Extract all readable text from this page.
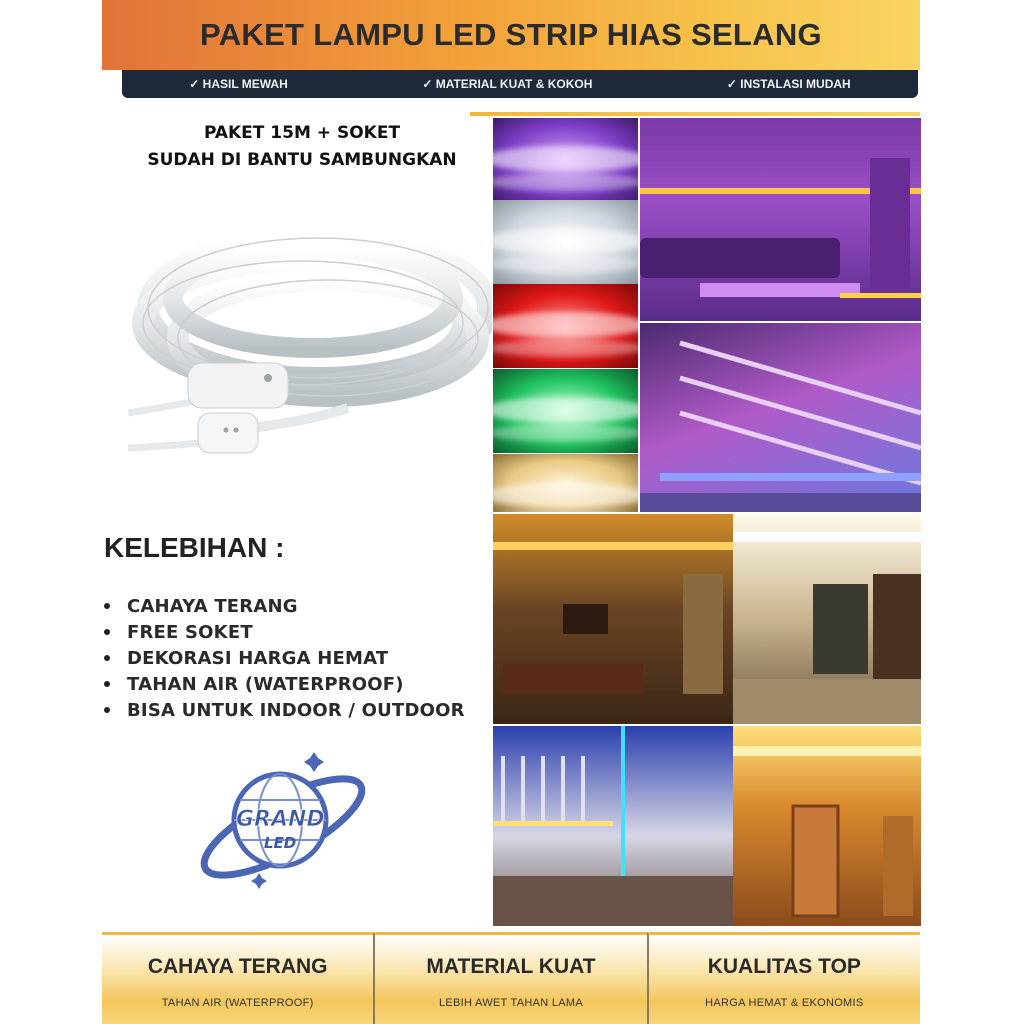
PAKET LAMPU LED STRIP HIAS SELANG
✓ HASIL MEWAH	✓ MATERIAL KUAT & KOKOH	✓ INSTALASI MUDAH
PAKET 15M + SOKET
SUDAH DI BANTU SAMBUNGKAN
KELEBIHAN :
CAHAYA TERANG
FREE SOKET
DEKORASI HARGA HEMAT
TAHAN AIR (WATERPROOF)
BISA UNTUK INDOOR / OUTDOOR
GRAND
LED
CAHAYA TERANG
TAHAN AIR (WATERPROOF)
MATERIAL KUAT
LEBIH AWET TAHAN LAMA
KUALITAS TOP
HARGA HEMAT & EKONOMIS
